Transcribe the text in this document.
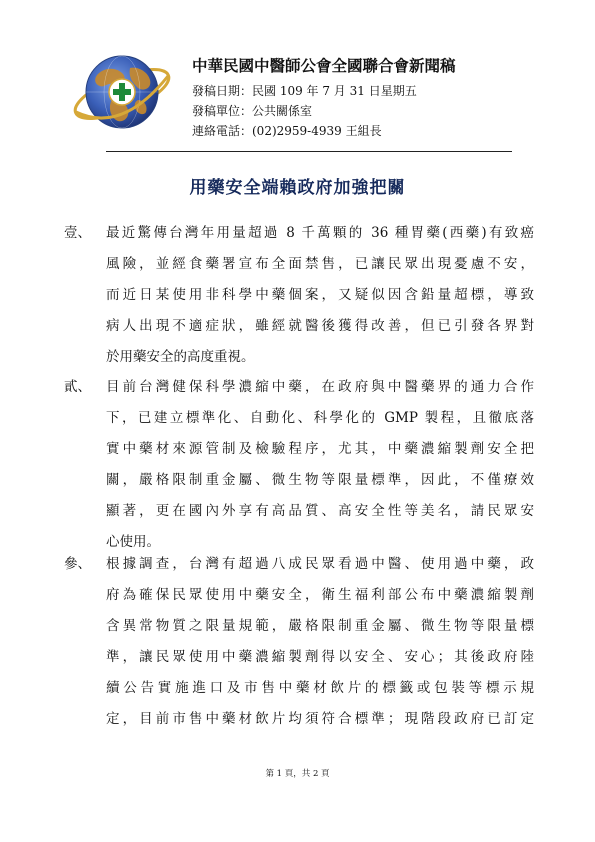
中華民國中醫師公會全國聯合會新聞稿
發稿日期：民國 109 年 7 月 31 日星期五
發稿單位：公共關係室
連絡電話：(02)2959-4939 王組長
用藥安全端賴政府加強把關
壹、 最近驚傳台灣年用量超過 8 千萬顆的 36 種胃藥(西藥)有致癌
風險，並經食藥署宣布全面禁售，已讓民眾出現憂慮不安，
而近日某使用非科學中藥個案，又疑似因含鉛量超標，導致
病人出現不適症狀，雖經就醫後獲得改善，但已引發各界對
於用藥安全的高度重視。
貳、 目前台灣健保科學濃縮中藥，在政府與中醫藥界的通力合作
下，已建立標準化、自動化、科學化的 GMP 製程，且徹底落
實中藥材來源管制及檢驗程序，尤其，中藥濃縮製劑安全把
關，嚴格限制重金屬、微生物等限量標準，因此，不僅療效
顯著，更在國內外享有高品質、高安全性等美名，請民眾安
心使用。
參、 根據調查，台灣有超過八成民眾看過中醫、使用過中藥，政
府為確保民眾使用中藥安全，衛生福利部公布中藥濃縮製劑
含異常物質之限量規範，嚴格限制重金屬、微生物等限量標
準，讓民眾使用中藥濃縮製劑得以安全、安心；其後政府陸
續公告實施進口及市售中藥材飲片的標籤或包裝等標示規
定，目前市售中藥材飲片均須符合標準；現階段政府已訂定
第 1 頁，共 2 頁
